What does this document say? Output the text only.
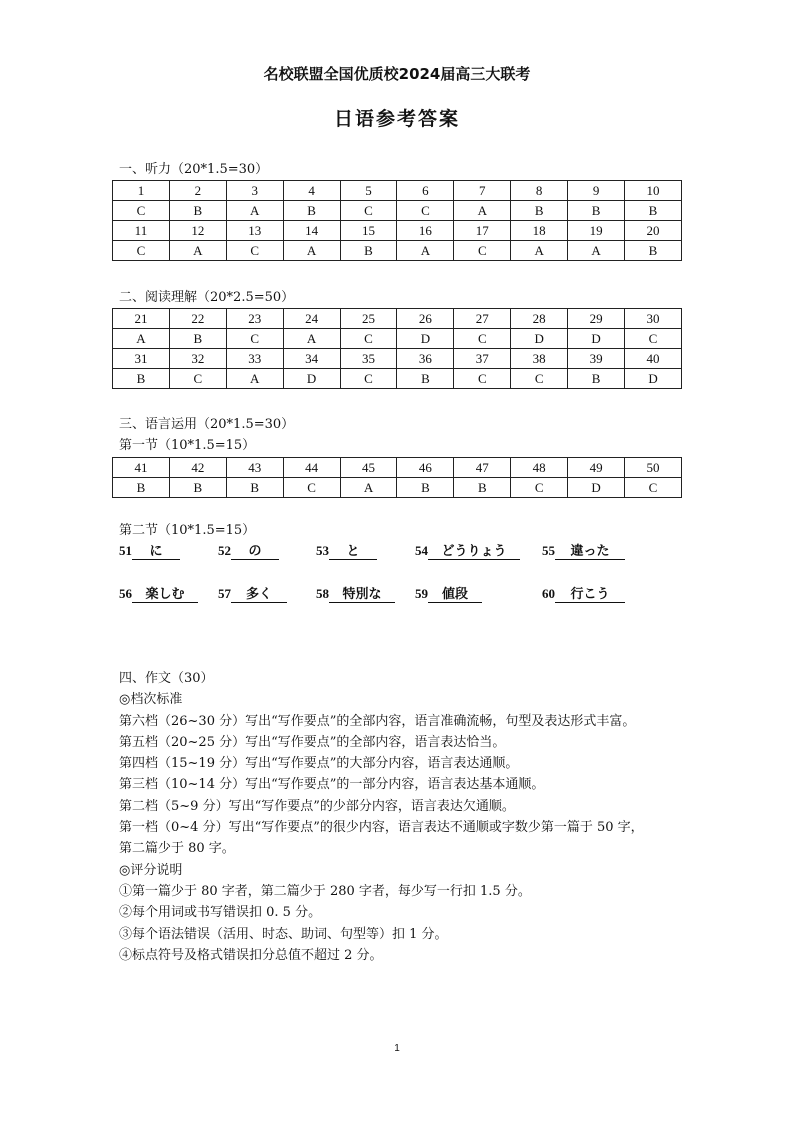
名校联盟全国优质校2024届高三大联考
日语参考答案
一、听力（20*1.5=30）
1	2	3	4	5	6	7	8	9	10
C	B	A	B	C	C	A	B	B	B
11	12	13	14	15	16	17	18	19	20
C	A	C	A	B	A	C	A	A	B
二、阅读理解（20*2.5=50）
21	22	23	24	25	26	27	28	29	30
A	B	C	A	C	D	C	D	D	C
31	32	33	34	35	36	37	38	39	40
B	C	A	D	C	B	C	C	B	D
三、语言运用（20*1.5=30）
第一节（10*1.5=15）
41	42	43	44	45	46	47	48	49	50
B	B	B	C	A	B	B	C	D	C
第二节（10*1.5=15）
51 に	52 の	53 と	54 どうりょう	55 違った
56 楽しむ	57 多く	58 特別な	59 値段	60 行こう
四、作文（30）
◎档次标准
第六档（26~30 分）写出“写作要点”的全部内容，语言准确流畅，句型及表达形式丰富。
第五档（20~25 分）写出“写作要点”的全部内容，语言表达恰当。
第四档（15~19 分）写出“写作要点”的大部分内容，语言表达通顺。
第三档（10~14 分）写出“写作要点”的一部分内容，语言表达基本通顺。
第二档（5~9 分）写出“写作要点”的少部分内容，语言表达欠通顺。
第一档（0~4 分）写出“写作要点”的很少内容，语言表达不通顺或字数少第一篇于 50 字，
第二篇少于 80 字。
◎评分说明
①第一篇少于 80 字者，第二篇少于 280 字者，每少写一行扣 1.5 分。
②每个用词或书写错误扣 0. 5 分。
③每个语法错误（活用、时态、助词、句型等）扣 1 分。
④标点符号及格式错误扣分总值不超过 2 分。
1
